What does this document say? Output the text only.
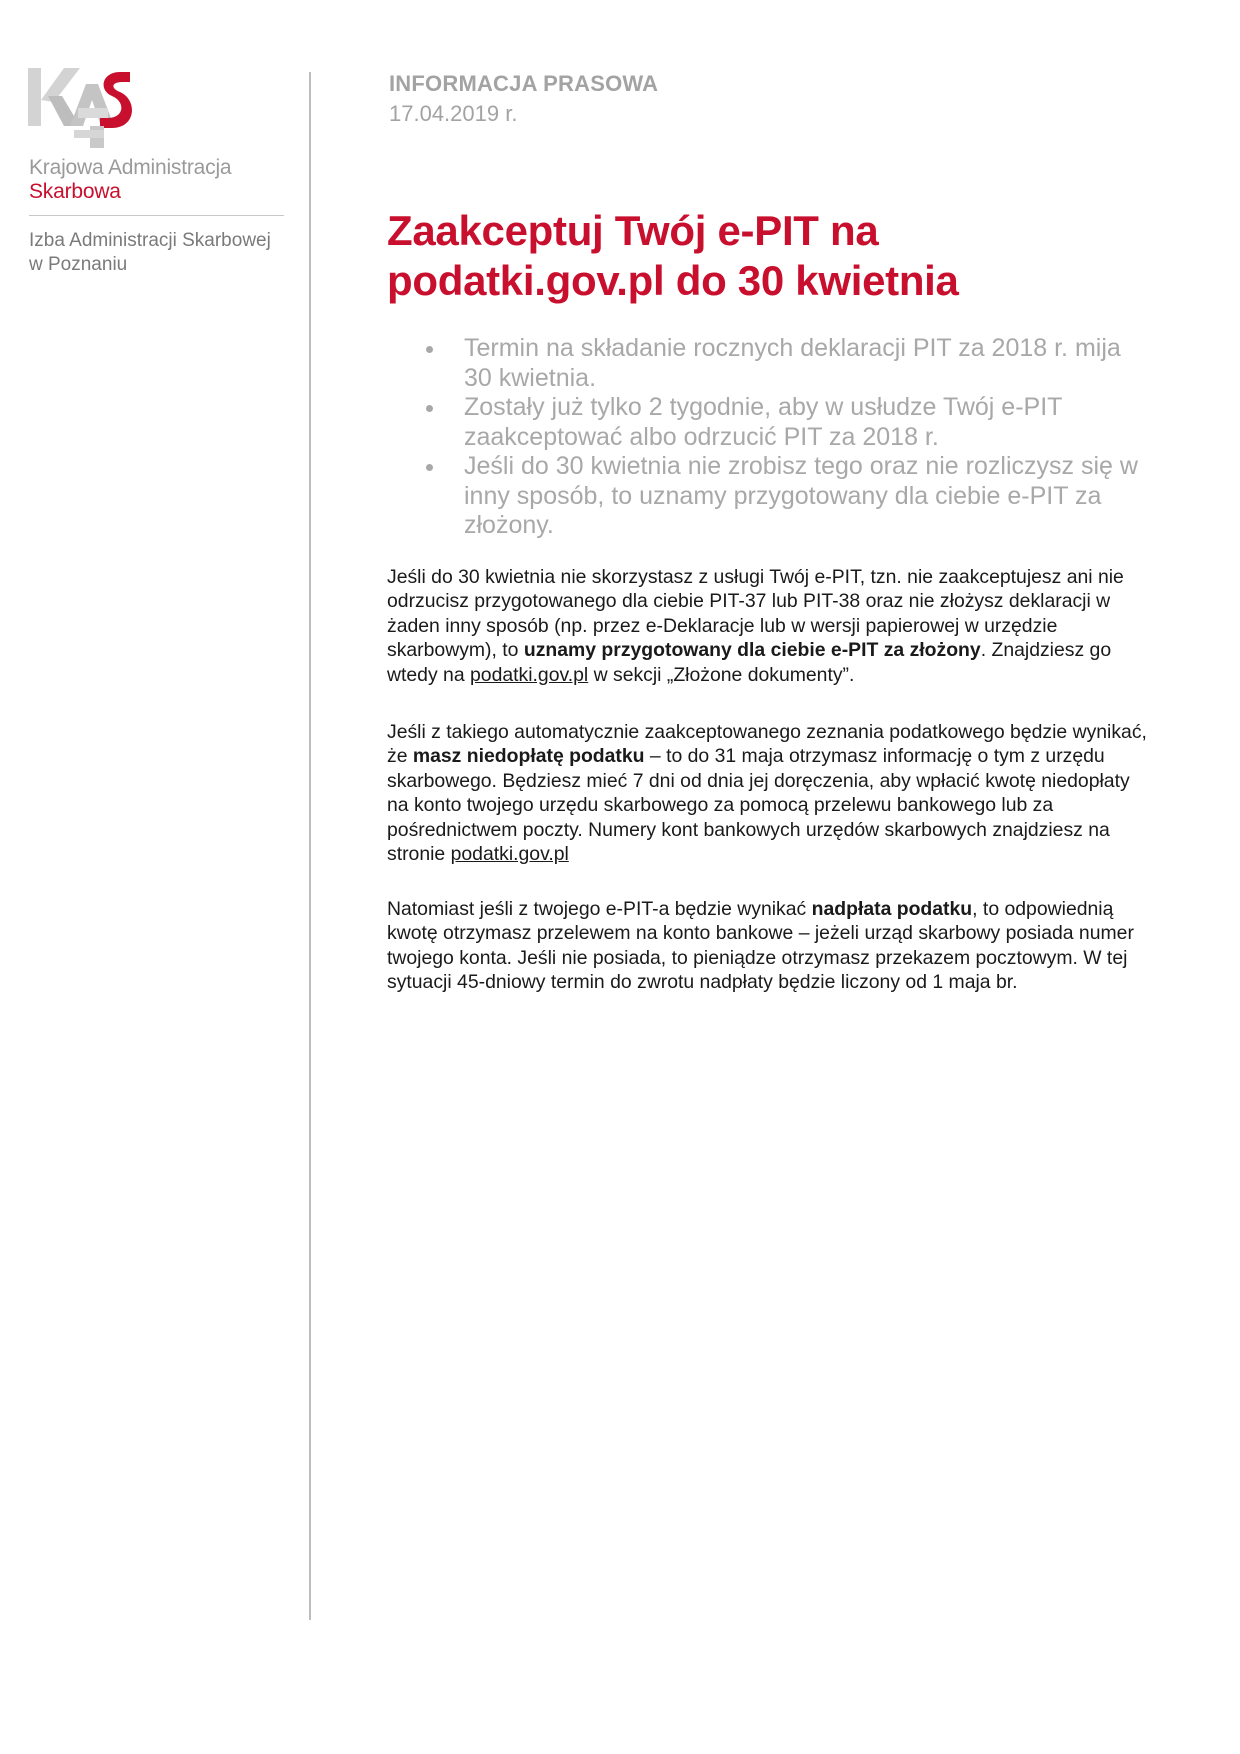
KAS
Krajowa Administracja
Skarbowa
Izba Administracji Skarbowej
w Poznaniu
INFORMACJA PRASOWA
17.04.2019 r.
Zaakceptuj Twój e-PIT na
podatki.gov.pl do 30 kwietnia
Termin na składanie rocznych deklaracji PIT za 2018 r. mija 30 kwietnia.
Zostały już tylko 2 tygodnie, aby w usłudze Twój e-PIT zaakceptować albo odrzucić PIT za 2018 r.
Jeśli do 30 kwietnia nie zrobisz tego oraz nie rozliczysz się w inny sposób, to uznamy przygotowany dla ciebie e-PIT za złożony.

Jeśli do 30 kwietnia nie skorzystasz z usługi Twój e-PIT, tzn. nie zaakceptujesz ani nie odrzucisz przygotowanego dla ciebie PIT-37 lub PIT-38 oraz nie złożysz deklaracji w żaden inny sposób (np. przez e-Deklaracje lub w wersji papierowej w urzędzie skarbowym), to uznamy przygotowany dla ciebie e-PIT za złożony. Znajdziesz go wtedy na podatki.gov.pl w sekcji „Złożone dokumenty”.

Jeśli z takiego automatycznie zaakceptowanego zeznania podatkowego będzie wynikać, że masz niedopłatę podatku – to do 31 maja otrzymasz informację o tym z urzędu skarbowego. Będziesz mieć 7 dni od dnia jej doręczenia, aby wpłacić kwotę niedopłaty na konto twojego urzędu skarbowego za pomocą przelewu bankowego lub za pośrednictwem poczty. Numery kont bankowych urzędów skarbowych znajdziesz na stronie podatki.gov.pl

Natomiast jeśli z twojego e-PIT-a będzie wynikać nadpłata podatku, to odpowiednią kwotę otrzymasz przelewem na konto bankowe – jeżeli urząd skarbowy posiada numer twojego konta. Jeśli nie posiada, to pieniądze otrzymasz przekazem pocztowym. W tej sytuacji 45-dniowy termin do zwrotu nadpłaty będzie liczony od 1 maja br.
